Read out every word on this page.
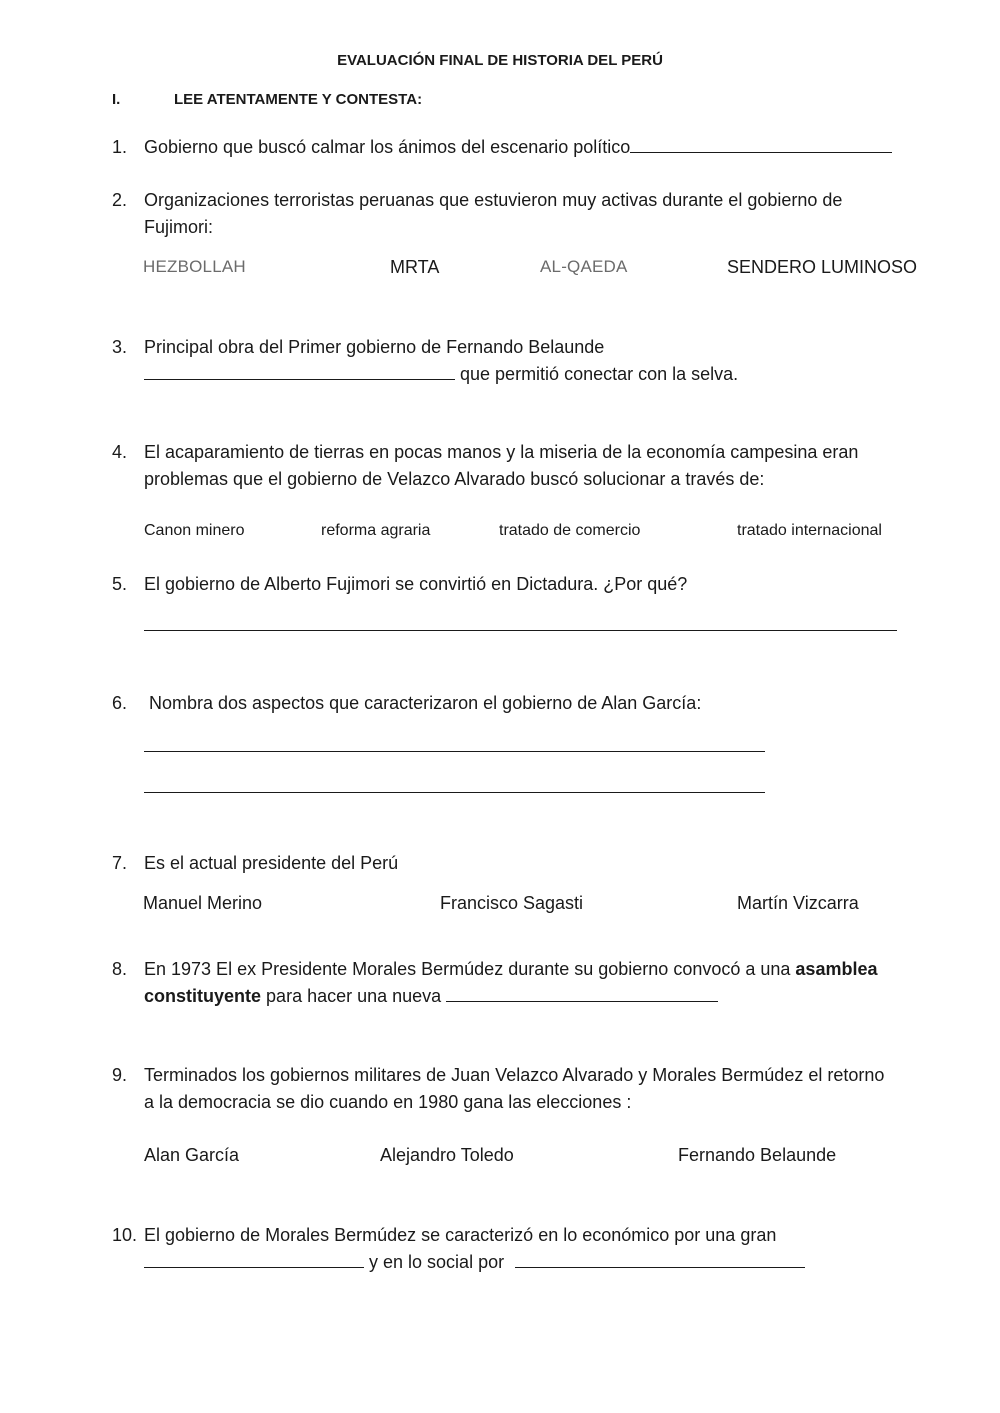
EVALUACIÓN FINAL DE HISTORIA DEL PERÚ
I.	LEE ATENTAMENTE Y CONTESTA:
1. Gobierno que buscó calmar los ánimos del escenario político
2. Organizaciones terroristas peruanas que estuvieron muy activas durante el gobierno de
Fujimori:
HEZBOLLAH	MRTA	AL-QAEDA	SENDERO LUMINOSO
3. Principal obra del Primer gobierno de Fernando Belaunde
que permitió conectar con la selva.
4. El acaparamiento de tierras en pocas manos y la miseria de la economía campesina eran
problemas que el gobierno de Velazco Alvarado buscó solucionar a través de:
Canon minero	reforma agraria	tratado de comercio	tratado internacional
5. El gobierno de Alberto Fujimori se convirtió en Dictadura. ¿Por qué?
6. Nombra dos aspectos que caracterizaron el gobierno de Alan García:
7. Es el actual presidente del Perú
Manuel Merino	Francisco Sagasti	Martín Vizcarra
8. En 1973 El ex Presidente Morales Bermúdez durante su gobierno convocó a una asamblea
constituyente para hacer una nueva
9. Terminados los gobiernos militares de Juan Velazco Alvarado y Morales Bermúdez el retorno
a la democracia se dio cuando en 1980 gana las elecciones :
Alan García	Alejandro Toledo	Fernando Belaunde
10. El gobierno de Morales Bermúdez se caracterizó en lo económico por una gran
y en lo social por
